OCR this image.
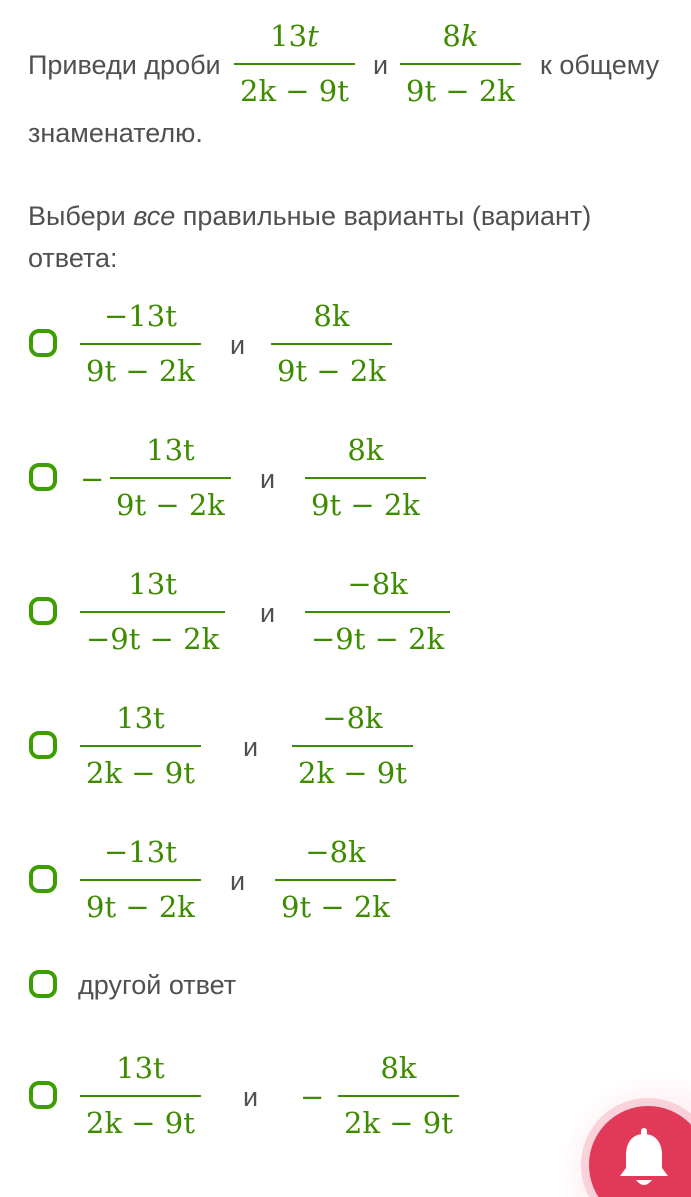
Приведи дроби
13t
2k − 9t
и
8k
9t − 2k
к общему
знаменателю.
Выбери все правильные варианты (вариант)
ответа:
−13t
9t − 2k
и
8k
9t − 2k
−
13t
9t − 2k
и
8k
9t − 2k
13t
−9t − 2k
и
−8k
−9t − 2k
13t
2k − 9t
и
−8k
2k − 9t
−13t
9t − 2k
и
−8k
9t − 2k
другой ответ
13t
2k − 9t
и −
8k
2k − 9t
